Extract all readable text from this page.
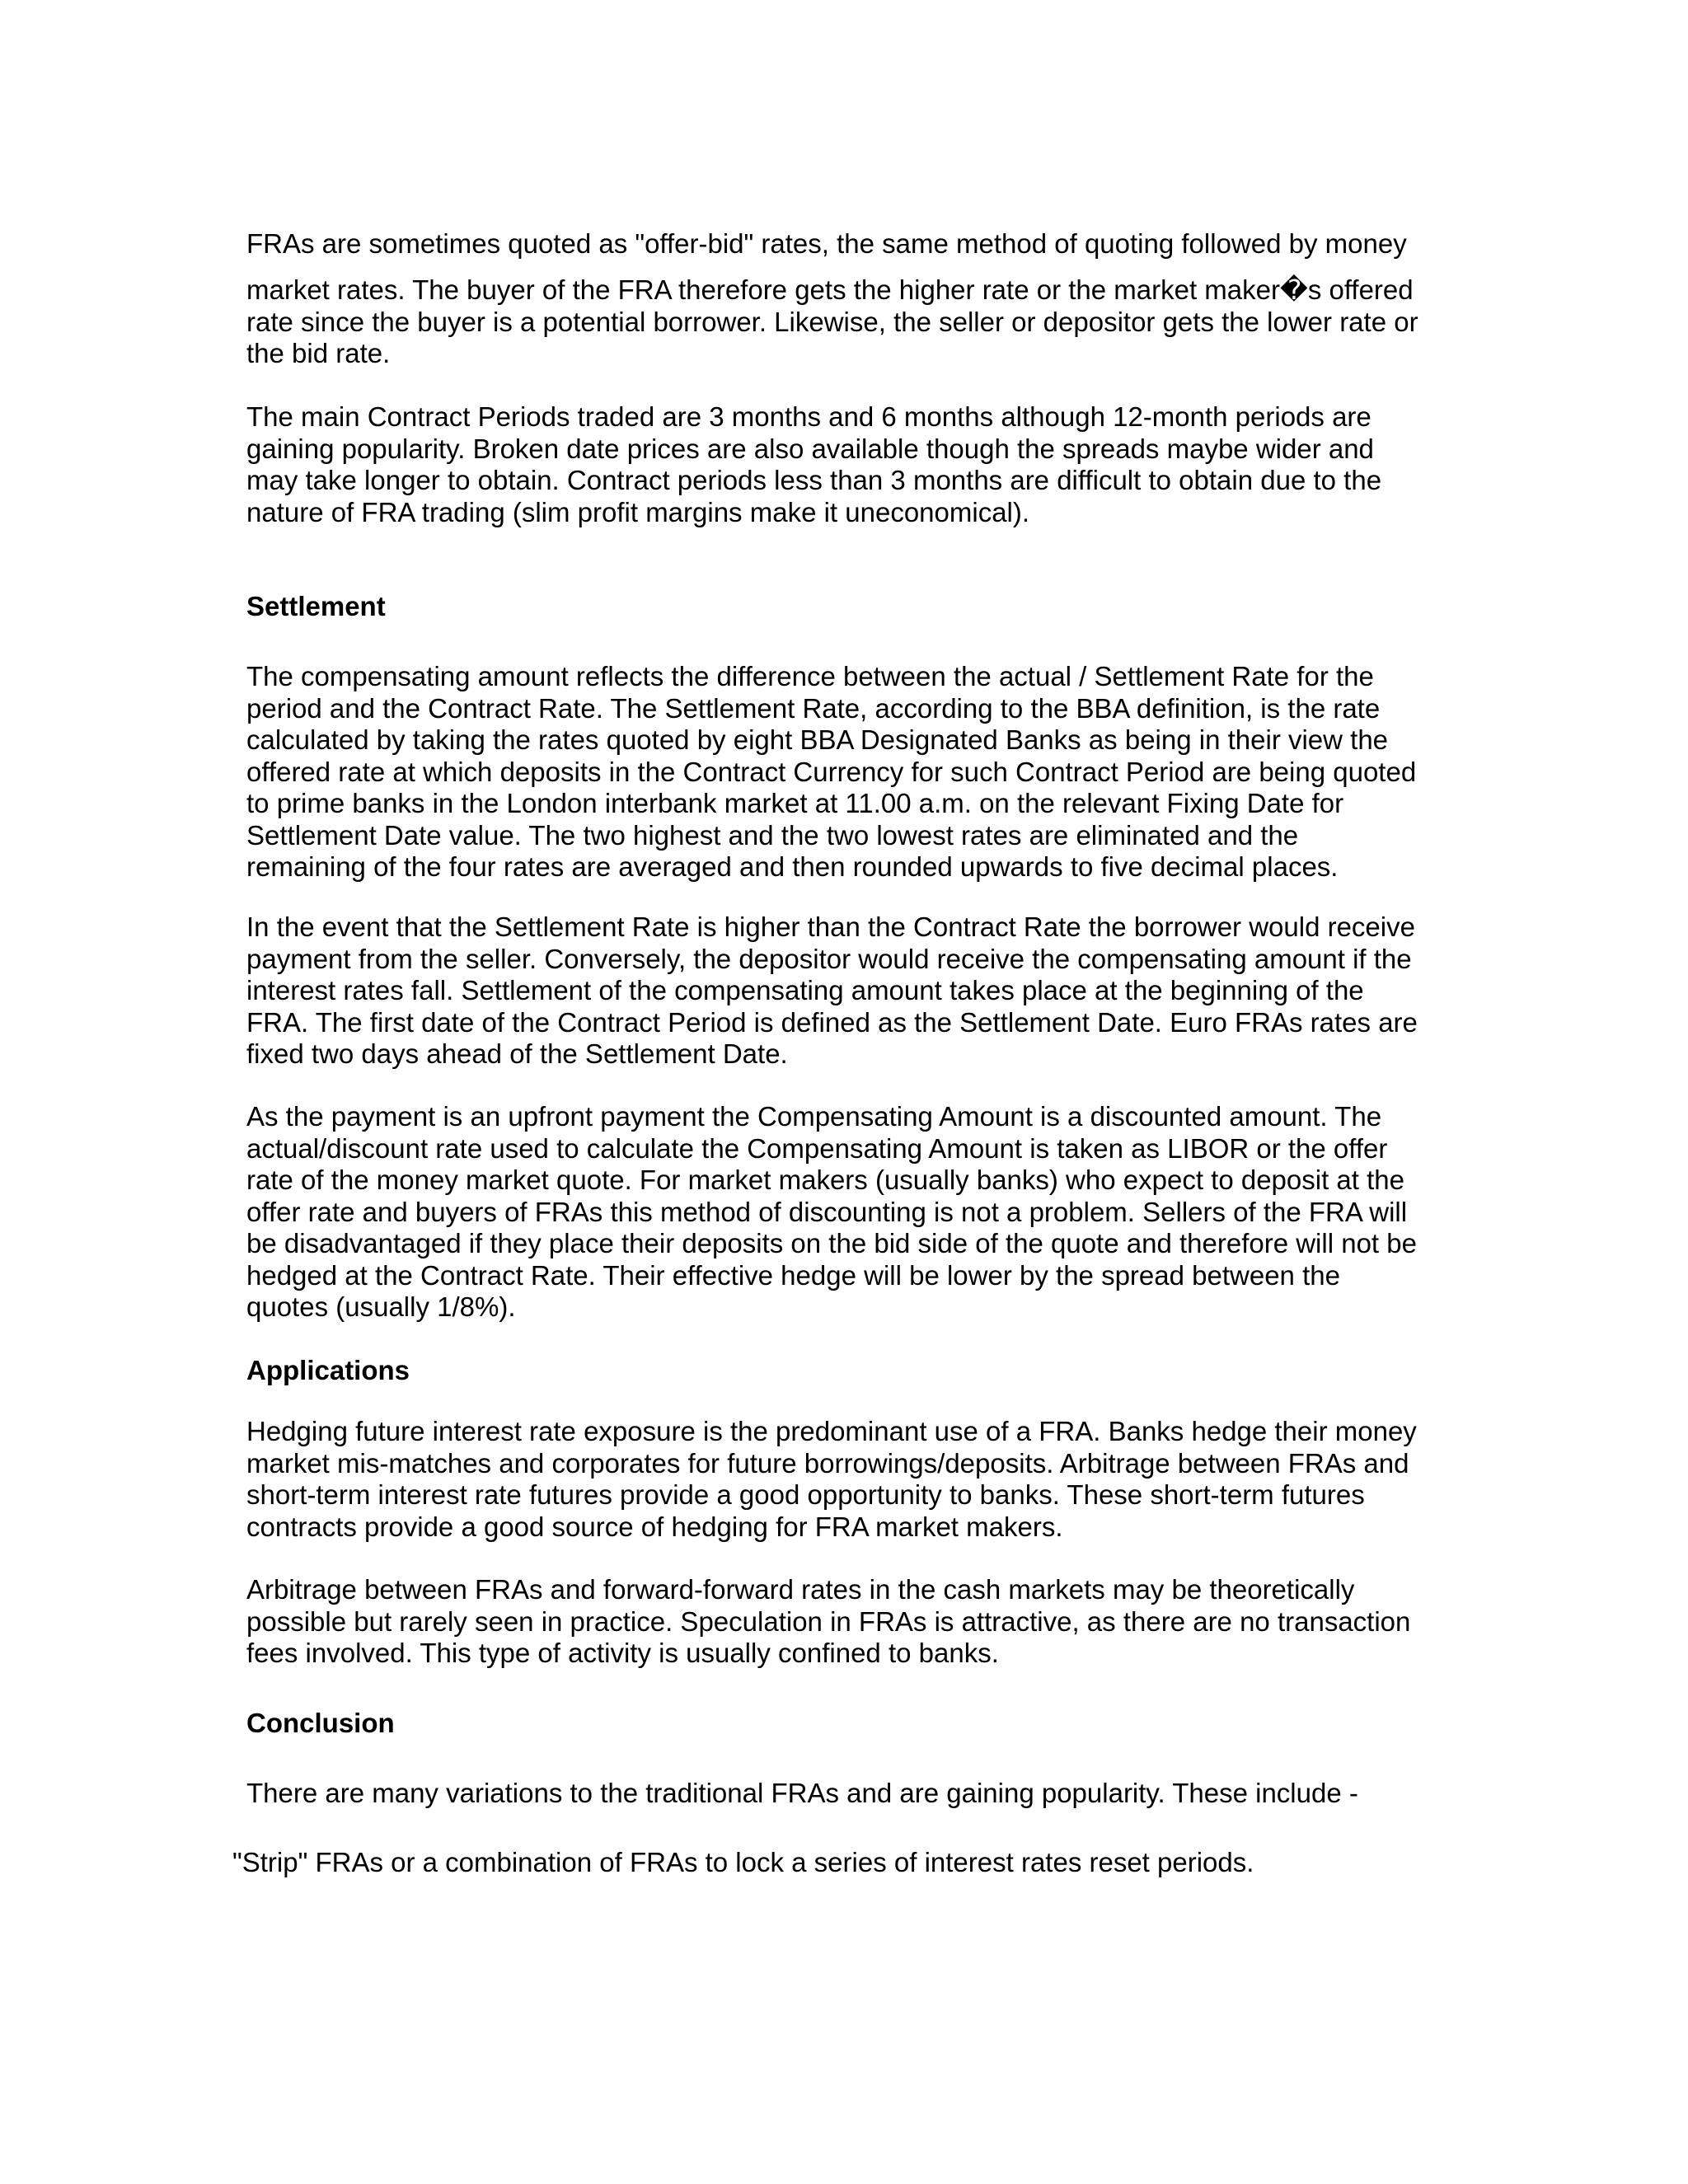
FRAs are sometimes quoted as "offer-bid" rates, the same method of quoting followed by money

market rates. The buyer of the FRA therefore gets the higher rate or the market maker�s offered
rate since the buyer is a potential borrower. Likewise, the seller or depositor gets the lower rate or
the bid rate.

The main Contract Periods traded are 3 months and 6 months although 12-month periods are
gaining popularity. Broken date prices are also available though the spreads maybe wider and
may take longer to obtain. Contract periods less than 3 months are difficult to obtain due to the
nature of FRA trading (slim profit margins make it uneconomical).

Settlement

The compensating amount reflects the difference between the actual / Settlement Rate for the
period and the Contract Rate. The Settlement Rate, according to the BBA definition, is the rate
calculated by taking the rates quoted by eight BBA Designated Banks as being in their view the
offered rate at which deposits in the Contract Currency for such Contract Period are being quoted
to prime banks in the London interbank market at 11.00 a.m. on the relevant Fixing Date for
Settlement Date value. The two highest and the two lowest rates are eliminated and the
remaining of the four rates are averaged and then rounded upwards to five decimal places.

In the event that the Settlement Rate is higher than the Contract Rate the borrower would receive
payment from the seller. Conversely, the depositor would receive the compensating amount if the
interest rates fall. Settlement of the compensating amount takes place at the beginning of the
FRA. The first date of the Contract Period is defined as the Settlement Date. Euro FRAs rates are
fixed two days ahead of the Settlement Date.

As the payment is an upfront payment the Compensating Amount is a discounted amount. The
actual/discount rate used to calculate the Compensating Amount is taken as LIBOR or the offer
rate of the money market quote. For market makers (usually banks) who expect to deposit at the
offer rate and buyers of FRAs this method of discounting is not a problem. Sellers of the FRA will
be disadvantaged if they place their deposits on the bid side of the quote and therefore will not be
hedged at the Contract Rate. Their effective hedge will be lower by the spread between the
quotes (usually 1/8%).

Applications

Hedging future interest rate exposure is the predominant use of a FRA. Banks hedge their money
market mis-matches and corporates for future borrowings/deposits. Arbitrage between FRAs and
short-term interest rate futures provide a good opportunity to banks. These short-term futures
contracts provide a good source of hedging for FRA market makers.

Arbitrage between FRAs and forward-forward rates in the cash markets may be theoretically
possible but rarely seen in practice. Speculation in FRAs is attractive, as there are no transaction
fees involved. This type of activity is usually confined to banks.

Conclusion

There are many variations to the traditional FRAs and are gaining popularity. These include -

"Strip" FRAs or a combination of FRAs to lock a series of interest rates reset periods.
